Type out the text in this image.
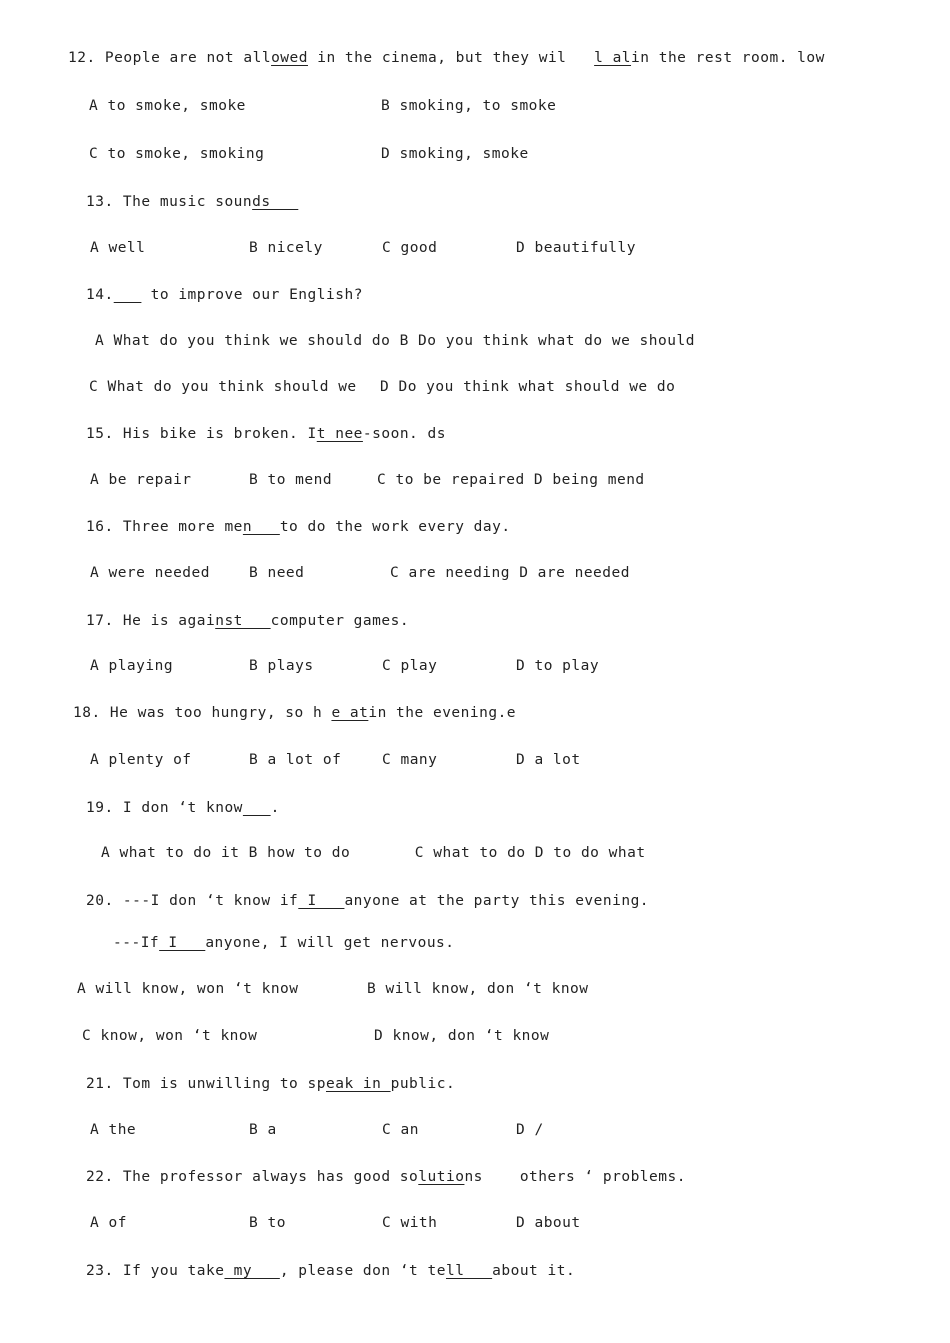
12. People are not allowed in the cinema, but they wil   l alin the rest room. low
A to smoke, smoke	B smoking, to smoke
C to smoke, smoking	D smoking, smoke
13. The music sounds
A well	B nicely	C good	D beautifully
14.    to improve our English?
A What do you think we should do B Do you think what do we should
C What do you think should we D Do you think what should we do
15. His bike is broken. It nee-soon. ds
A be repair	B to mend	C to be repaired D being mend
16. Three more men   to do the work every day.
A were needed	B need	C are needing D are needed
17. He is against   computer games.
A playing	B plays	C play	D to play
18. He was too hungry, so h e atin the evening.e
A plenty of	B a lot of	C many	D a lot
19. I don ‘t know .
A what to do it B how to do       C what to do D to do what
20. ---I don ‘t know if I   anyone at the party this evening.
---If I   anyone, I will get nervous.
A will know, won ‘t know	B will know, don ‘t know
C know, won ‘t know	D know, don ‘t know
21. Tom is unwilling to speak in public.
A the	B a	C an	D /
22. The professor always has good solutions    others ‘ problems.
A of	B to	C with	D about
23. If you take my   , please don ‘t tell   about it.
